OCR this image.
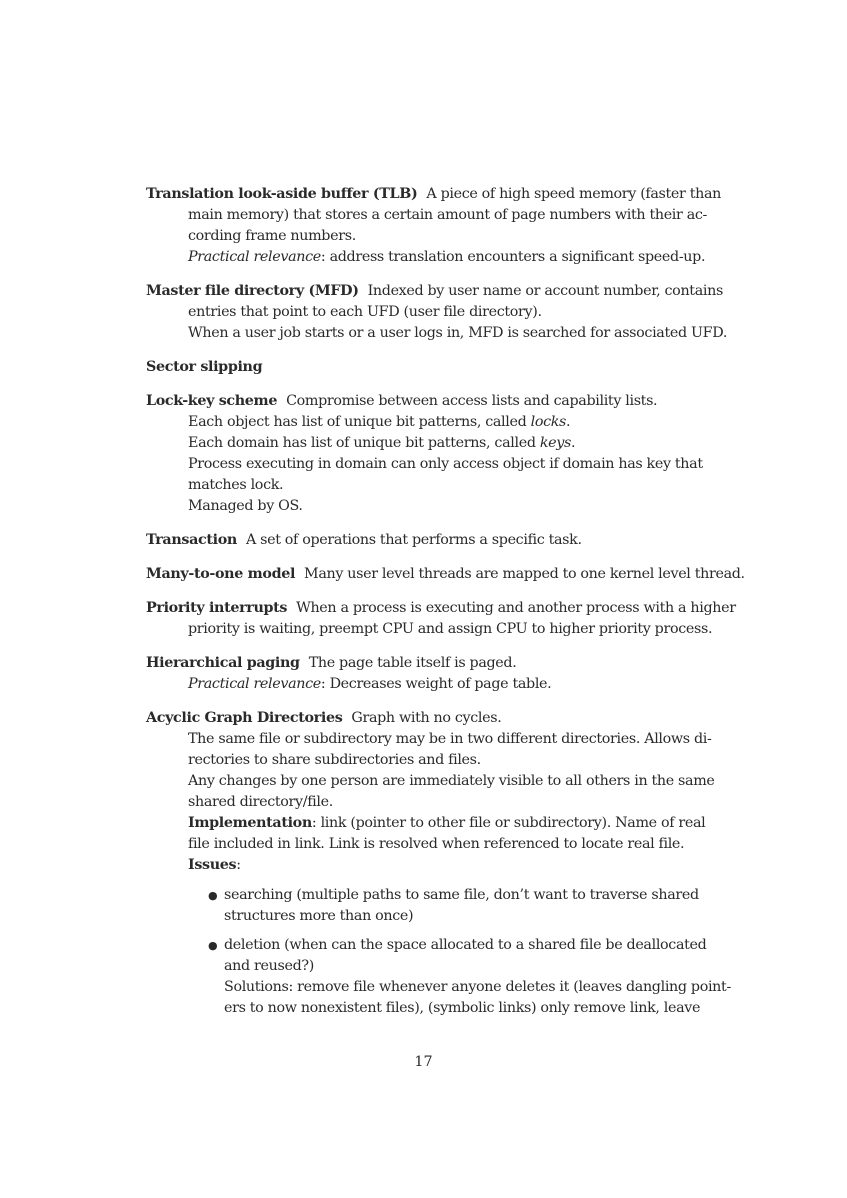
Translation look-aside buffer (TLB) A piece of high speed memory (faster than
main memory) that stores a certain amount of page numbers with their ac-
cording frame numbers.
Practical relevance: address translation encounters a significant speed-up.
Master file directory (MFD) Indexed by user name or account number, contains
entries that point to each UFD (user file directory).
When a user job starts or a user logs in, MFD is searched for associated UFD.
Sector slipping
Lock-key scheme Compromise between access lists and capability lists.
Each object has list of unique bit patterns, called locks.
Each domain has list of unique bit patterns, called keys.
Process executing in domain can only access object if domain has key that
matches lock.
Managed by OS.
Transaction A set of operations that performs a specific task.
Many-to-one model Many user level threads are mapped to one kernel level thread.
Priority interrupts When a process is executing and another process with a higher
priority is waiting, preempt CPU and assign CPU to higher priority process.
Hierarchical paging The page table itself is paged.
Practical relevance: Decreases weight of page table.
Acyclic Graph Directories Graph with no cycles.
The same file or subdirectory may be in two different directories. Allows di-
rectories to share subdirectories and files.
Any changes by one person are immediately visible to all others in the same
shared directory/file.
Implementation: link (pointer to other file or subdirectory). Name of real
file included in link. Link is resolved when referenced to locate real file.
Issues:
● searching (multiple paths to same file, don’t want to traverse shared
structures more than once)
● deletion (when can the space allocated to a shared file be deallocated
and reused?)
Solutions: remove file whenever anyone deletes it (leaves dangling point-
ers to now nonexistent files), (symbolic links) only remove link, leave
17
